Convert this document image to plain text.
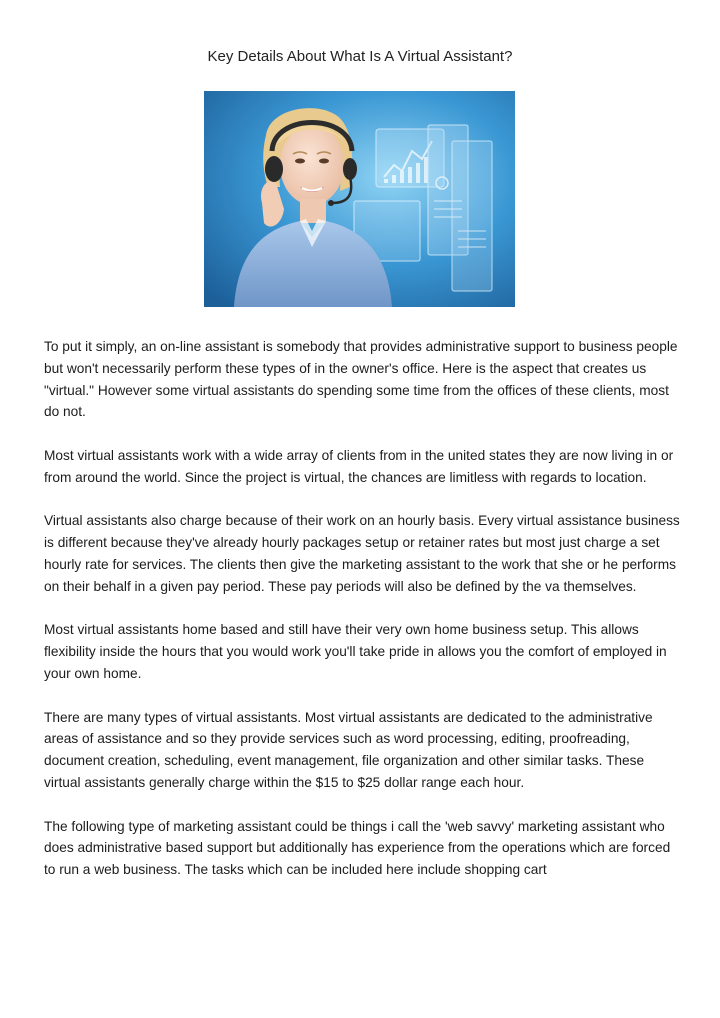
Key Details About What Is A Virtual Assistant?

To put it simply, an on-line assistant is somebody that provides administrative support to business people but won't necessarily perform these types of in the owner's office. Here is the aspect that creates us "virtual." However some virtual assistants do spending some time from the offices of these clients, most do not.

Most virtual assistants work with a wide array of clients from in the united states they are now living in or from around the world. Since the project is virtual, the chances are limitless with regards to location.

Virtual assistants also charge because of their work on an hourly basis. Every virtual assistance business is different because they've already hourly packages setup or retainer rates but most just charge a set hourly rate for services. The clients then give the marketing assistant to the work that she or he performs on their behalf in a given pay period. These pay periods will also be defined by the va themselves.

Most virtual assistants home based and still have their very own home business setup. This allows flexibility inside the hours that you would work you'll take pride in allows you the comfort of employed in your own home.

There are many types of virtual assistants. Most virtual assistants are dedicated to the administrative areas of assistance and so they provide services such as word processing, editing, proofreading, document creation, scheduling, event management, file organization and other similar tasks. These virtual assistants generally charge within the $15 to $25 dollar range each hour.

The following type of marketing assistant could be things i call the 'web savvy' marketing assistant who does administrative based support but additionally has experience from the operations which are forced to run a web business. The tasks which can be included here include shopping cart
